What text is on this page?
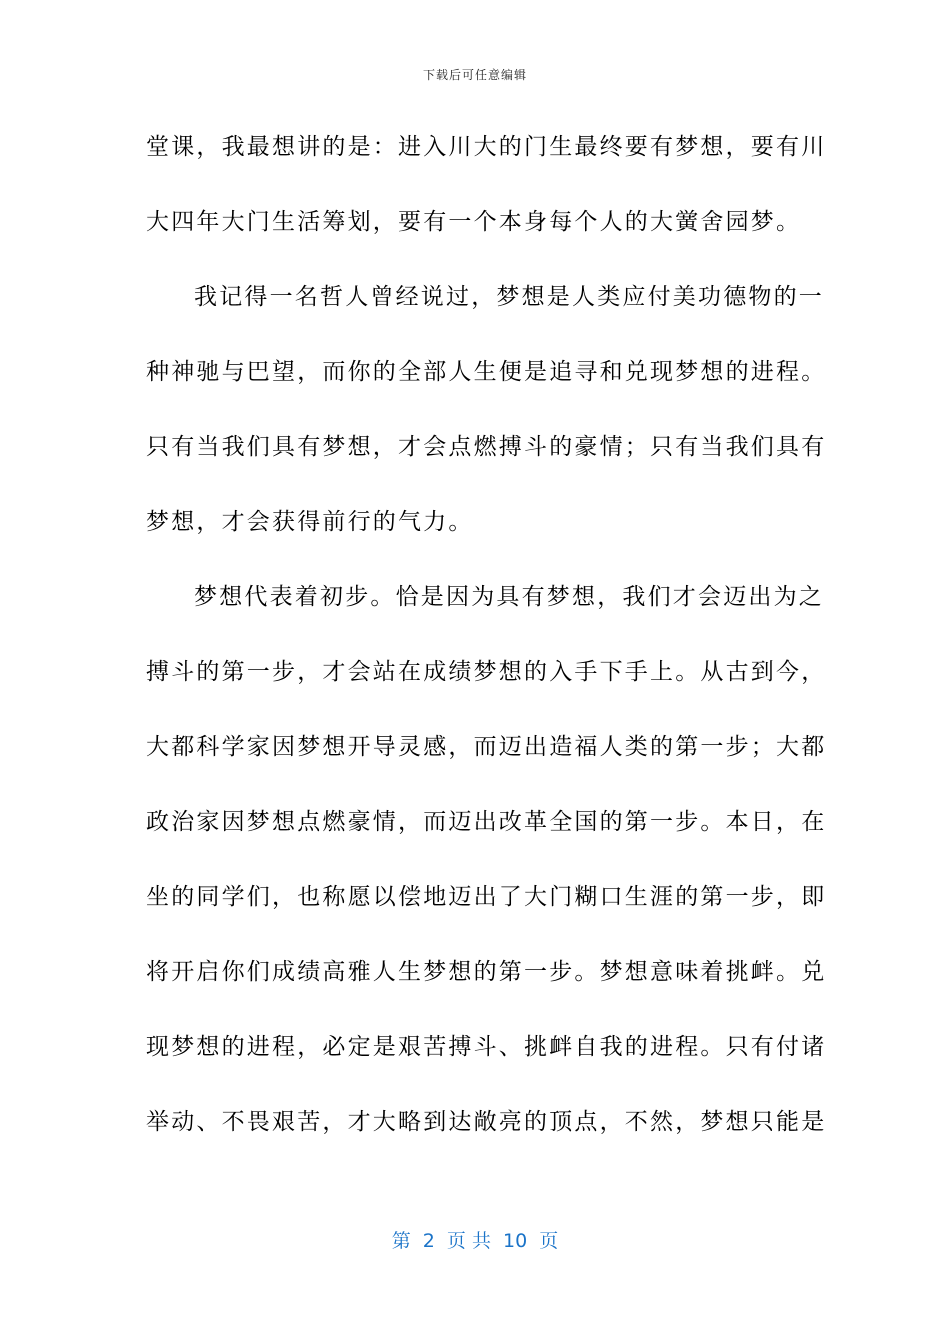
下载后可任意编辑
堂课，我最想讲的是：进入川大的门生最终要有梦想，要有川
大四年大门生活筹划，要有一个本身每个人的大黉舍园梦。
我记得一名哲人曾经说过，梦想是人类应付美功德物的一
种神驰与巴望，而你的全部人生便是追寻和兑现梦想的进程。
只有当我们具有梦想，才会点燃搏斗的豪情；只有当我们具有
梦想，才会获得前行的气力。
梦想代表着初步。恰是因为具有梦想，我们才会迈出为之
搏斗的第一步，才会站在成绩梦想的入手下手上。从古到今，
大都科学家因梦想开导灵感，而迈出造福人类的第一步；大都
政治家因梦想点燃豪情，而迈出改革全国的第一步。本日，在
坐的同学们，也称愿以偿地迈出了大门糊口生涯的第一步，即
将开启你们成绩高雅人生梦想的第一步。梦想意味着挑衅。兑
现梦想的进程，必定是艰苦搏斗、挑衅自我的进程。只有付诸
举动、不畏艰苦，才大略到达敞亮的顶点，不然，梦想只能是
第  2  页 共  10  页
